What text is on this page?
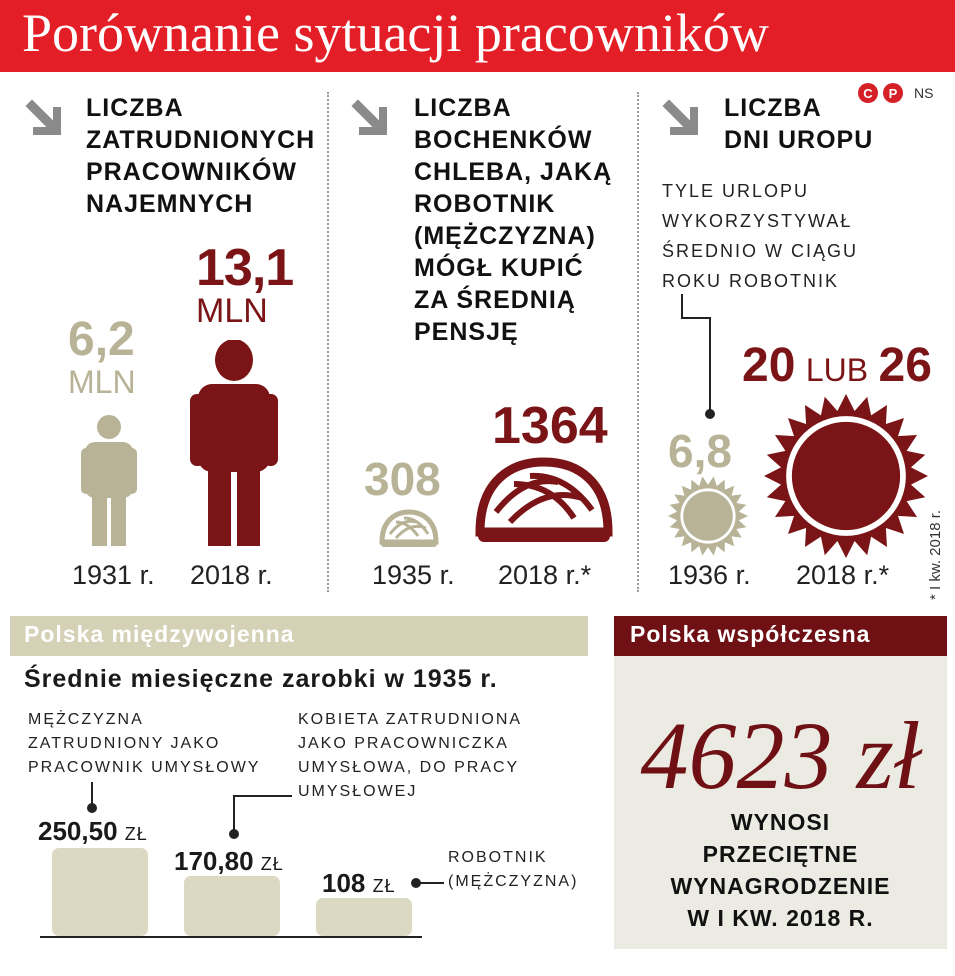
Porównanie sytuacji pracowników
C	P	NS
LICZBA
ZATRUDNIONYCH
PRACOWNIKÓW
NAJEMNYCH
13,1
MLN
6,2
MLN
1931 r. 2018 r.
LICZBA
BOCHENKÓW
CHLEBA, JAKĄ
ROBOTNIK
(MĘŻCZYZNA)
MÓGŁ KUPIĆ
ZA ŚREDNIĄ
PENSJĘ
1364
308
1935 r. 2018 r.*
LICZBA
DNI UROPU
TYLE URLOPU
WYKORZYSTYWAŁ
ŚREDNIO W CIĄGU
ROKU ROBOTNIK
20 LUB 26
6,8
1936 r. 2018 r.*	* I kw. 2018 r.
Polska międzywojenna	Polska współczesna
Średnie miesięczne zarobki w 1935 r.
MĘŻCZYZNA
ZATRUDNIONY JAKO
PRACOWNIK UMYSŁOWY
KOBIETA ZATRUDNIONA
JAKO PRACOWNICZKA
UMYSŁOWA, DO PRACY
UMYSŁOWEJ
ROBOTNIK
(MĘŻCZYZNA)
250,50 ZŁ
170,80 ZŁ
108 ZŁ
4623 zł
WYNOSI
PRZECIĘTNE
WYNAGRODZENIE
W I KW. 2018 R.
